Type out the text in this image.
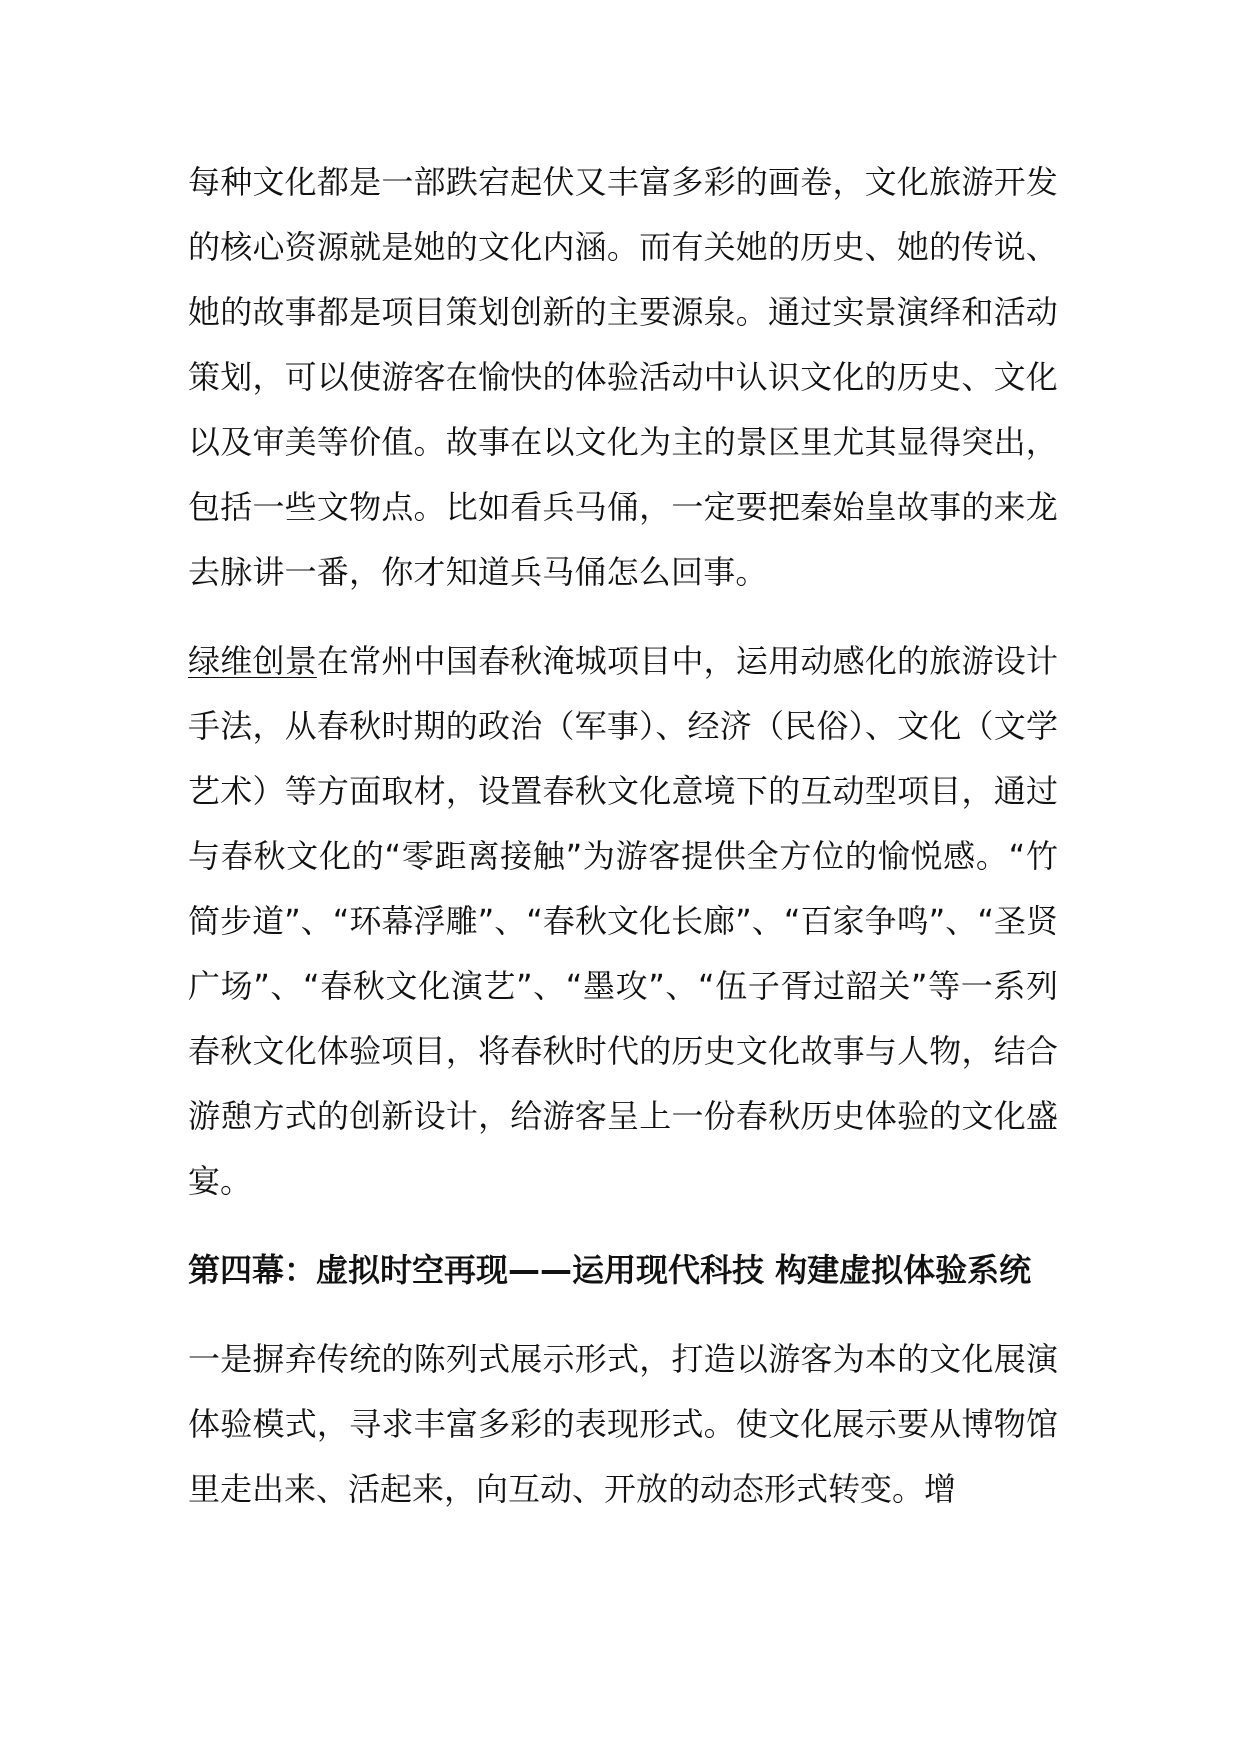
每种文化都是一部跌宕起伏又丰富多彩的画卷，文化旅游开发的核心资源就是她的文化内涵。而有关她的历史、她的传说、她的故事都是项目策划创新的主要源泉。通过实景演绎和活动策划，可以使游客在愉快的体验活动中认识文化的历史、文化以及审美等价值。故事在以文化为主的景区里尤其显得突出，包括一些文物点。比如看兵马俑，一定要把秦始皇故事的来龙去脉讲一番，你才知道兵马俑怎么回事。

绿维创景在常州中国春秋淹城项目中，运用动感化的旅游设计手法，从春秋时期的政治（军事）、经济（民俗）、文化（文学艺术）等方面取材，设置春秋文化意境下的互动型项目，通过与春秋文化的“零距离接触”为游客提供全方位的愉悦感。“竹简步道”、“环幕浮雕”、“春秋文化长廊”、“百家争鸣”、“圣贤广场”、“春秋文化演艺”、“墨攻”、“伍子胥过韶关”等一系列春秋文化体验项目，将春秋时代的历史文化故事与人物，结合游憩方式的创新设计，给游客呈上一份春秋历史体验的文化盛宴。

第四幕：虚拟时空再现——运用现代科技 构建虚拟体验系统

一是摒弃传统的陈列式展示形式，打造以游客为本的文化展演体验模式，寻求丰富多彩的表现形式。使文化展示要从博物馆里走出来、活起来，向互动、开放的动态形式转变。增
